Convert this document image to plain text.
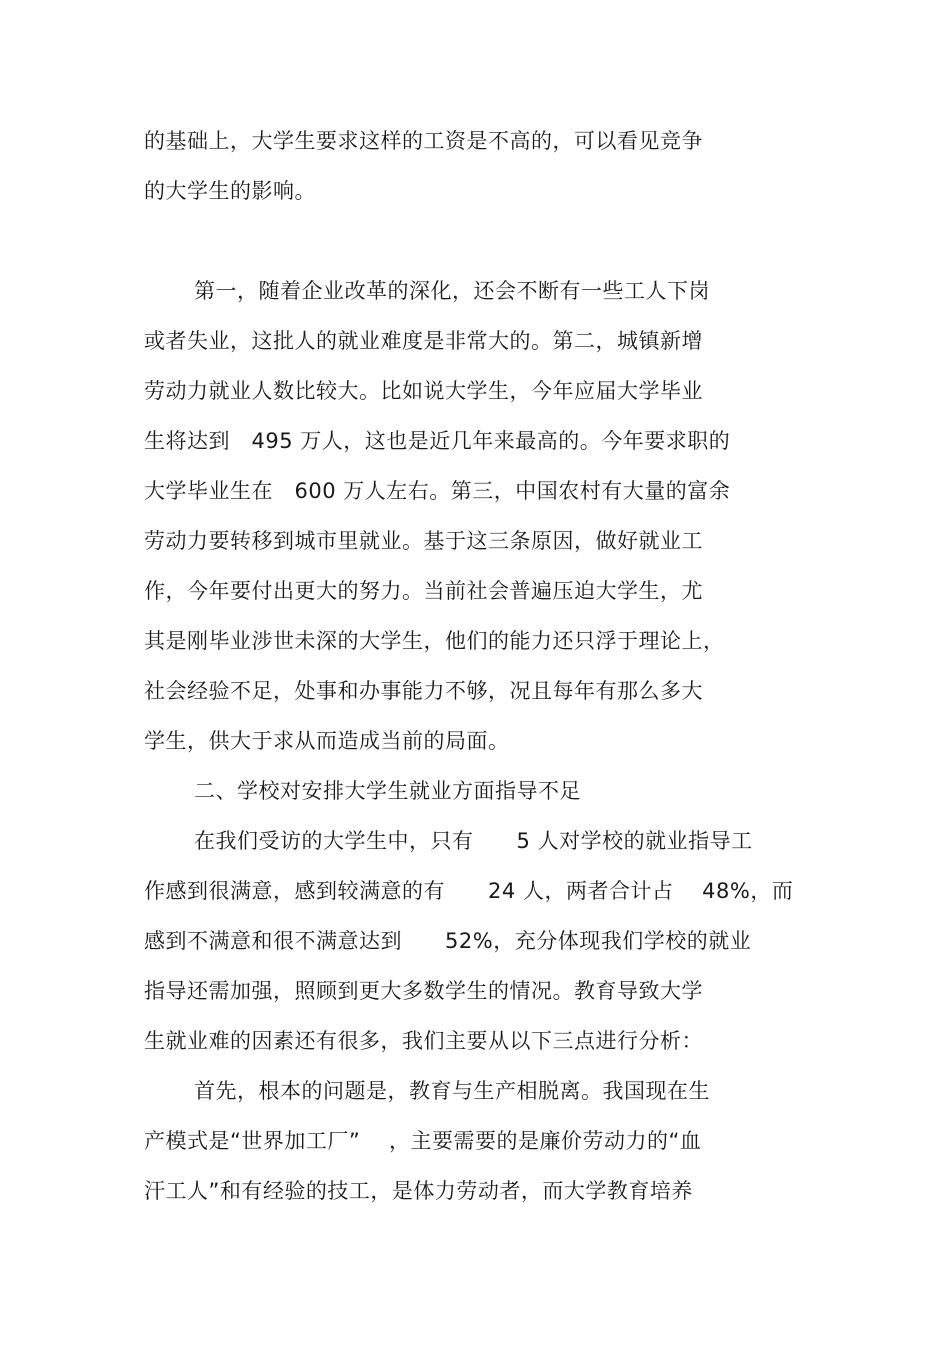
的基础上，大学生要求这样的工资是不高的，可以看见竞争
的大学生的影响。
第一，随着企业改革的深化，还会不断有一些工人下岗
或者失业，这批人的就业难度是非常大的。第二，城镇新增
劳动力就业人数比较大。比如说大学生，今年应届大学毕业
生将达到   495 万人，这也是近几年来最高的。今年要求职的
大学毕业生在   600 万人左右。第三，中国农村有大量的富余
劳动力要转移到城市里就业。基于这三条原因，做好就业工
作，今年要付出更大的努力。当前社会普遍压迫大学生，尤
其是刚毕业涉世未深的大学生，他们的能力还只浮于理论上，
社会经验不足，处事和办事能力不够，况且每年有那么多大
学生，供大于求从而造成当前的局面。
二、学校对安排大学生就业方面指导不足
在我们受访的大学生中，只有      5 人对学校的就业指导工
作感到很满意，感到较满意的有      24 人，两者合计占    48%，而
感到不满意和很不满意达到      52%，充分体现我们学校的就业
指导还需加强，照顾到更大多数学生的情况。教育导致大学
生就业难的因素还有很多，我们主要从以下三点进行分析：
首先，根本的问题是，教育与生产相脱离。我国现在生
产模式是“世界加工厂”    ，主要需要的是廉价劳动力的“血
汗工人”和有经验的技工，是体力劳动者，而大学教育培养
